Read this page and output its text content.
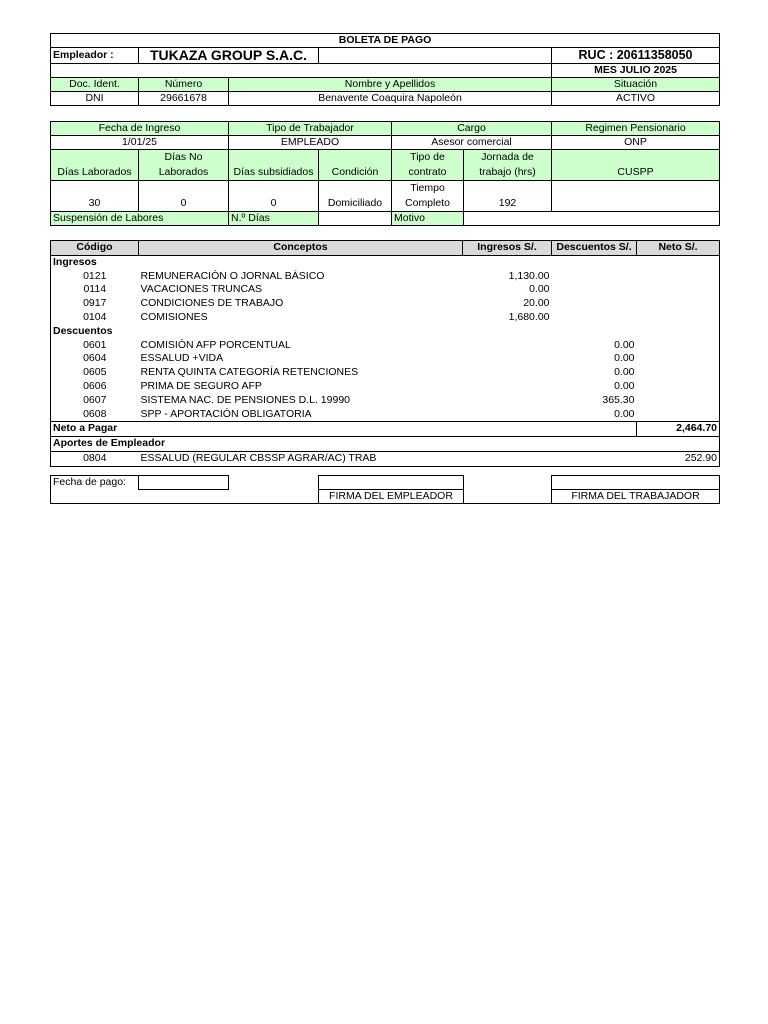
BOLETA DE PAGO				
Empleador :	TUKAZA GROUP S.A.C.			RUC : 20611358050
				MES JULIO 2025
Doc. Ident.	Número	Nombre y Apellidos		Situación
DNI	29661678	Benavente Coaquira Napoleón		ACTIVO
Fecha de Ingreso		Tipo de Trabajador		Cargo		Regimen Pensionario
1/01/25		EMPLEADO		Asesor comercial		ONP
	Días No			Tipo de	Jornada de	
Días Laborados	Laborados	Días subsidiados	Condición	contrato	trabajo (hrs)	CUSPP
				Tiempo		
30	0	0	Domiciliado	Completo	192	
Suspensión de Labores		N.º Días		Motivo		
Código	Conceptos	Ingresos S/.	Descuentos S/.	Neto S/.
Ingresos				
0121	REMUNERACIÓN O JORNAL BÁSICO	1,130.00		
0114	VACACIONES TRUNCAS	0.00		
0917	CONDICIONES DE TRABAJO	20.00		

0104	COMISIONES	1,680.00		
Descuentos				
0601	COMISIÓN AFP PORCENTUAL		0.00	
0604	ESSALUD +VIDA		0.00	
0605	RENTA QUINTA CATEGORÍA RETENCIONES		0.00	
0606	PRIMA DE SEGURO AFP		0.00	
0607	SISTEMA NAC. DE PENSIONES D.L. 19990		365.30	
0608	SPP - APORTACIÓN OBLIGATORIA		0.00	
Neto a Pagar				2,464.70
Aportes de Empleador				
0804	ESSALUD (REGULAR CBSSP AGRAR/AC) TRAB			252.90
Fecha de pago:					
			FIRMA DEL EMPLEADOR		FIRMA DEL TRABAJADOR
